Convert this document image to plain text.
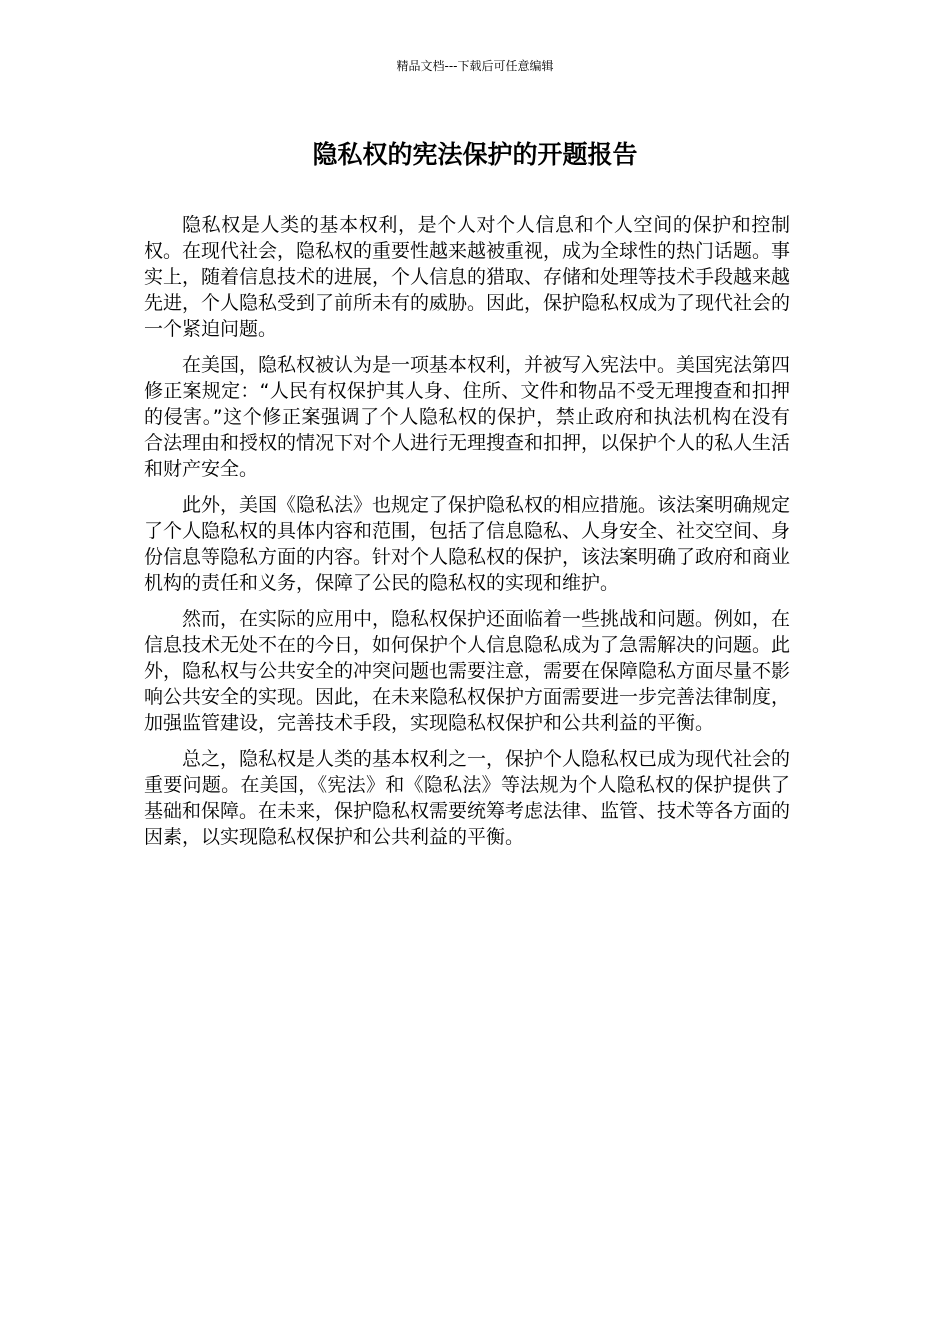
精品文档---下载后可任意编辑
隐私权的宪法保护的开题报告

隐私权是人类的基本权利，是个人对个人信息和个人空间的保护和控制权。在现代社会，隐私权的重要性越来越被重视，成为全球性的热门话题。事实上，随着信息技术的进展，个人信息的猎取、存储和处理等技术手段越来越先进，个人隐私受到了前所未有的威胁。因此，保护隐私权成为了现代社会的一个紧迫问题。

在美国，隐私权被认为是一项基本权利，并被写入宪法中。美国宪法第四修正案规定：“人民有权保护其人身、住所、文件和物品不受无理搜查和扣押的侵害。”这个修正案强调了个人隐私权的保护，禁止政府和执法机构在没有合法理由和授权的情况下对个人进行无理搜查和扣押，以保护个人的私人生活和财产安全。

此外，美国《隐私法》也规定了保护隐私权的相应措施。该法案明确规定了个人隐私权的具体内容和范围，包括了信息隐私、人身安全、社交空间、身份信息等隐私方面的内容。针对个人隐私权的保护，该法案明确了政府和商业机构的责任和义务，保障了公民的隐私权的实现和维护。

然而，在实际的应用中，隐私权保护还面临着一些挑战和问题。例如，在信息技术无处不在的今日，如何保护个人信息隐私成为了急需解决的问题。此外，隐私权与公共安全的冲突问题也需要注意，需要在保障隐私方面尽量不影响公共安全的实现。因此，在未来隐私权保护方面需要进一步完善法律制度，加强监管建设，完善技术手段，实现隐私权保护和公共利益的平衡。

总之，隐私权是人类的基本权利之一，保护个人隐私权已成为现代社会的重要问题。在美国，《宪法》和《隐私法》等法规为个人隐私权的保护提供了基础和保障。在未来，保护隐私权需要统筹考虑法律、监管、技术等各方面的因素，以实现隐私权保护和公共利益的平衡。
